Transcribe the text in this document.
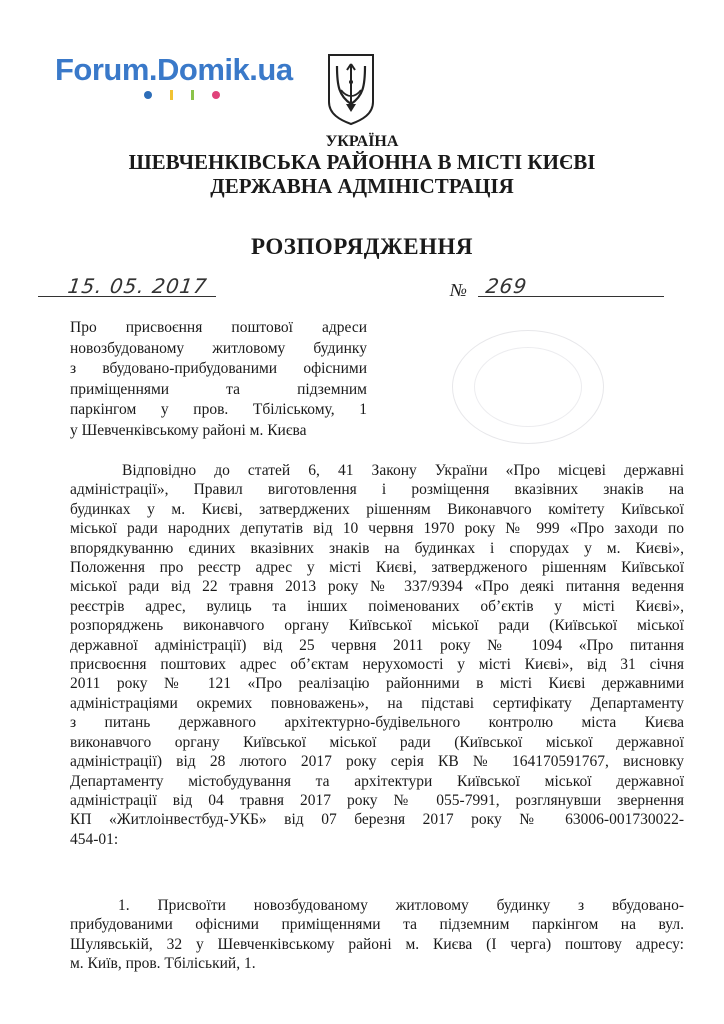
Forum.Domik.ua
УКРАЇНА
ШЕВЧЕНКІВСЬКА РАЙОННА В МІСТІ КИЄВІ
ДЕРЖАВНА АДМІНІСТРАЦІЯ
РОЗПОРЯДЖЕННЯ
15. 05. 2017	№ 269
Про присвоєння поштової адреси
новозбудованому житловому будинку
з вбудовано-прибудованими офісними
приміщеннями та підземним
паркінгом у пров. Тбіліському, 1
у Шевченківському районі м. Києва
Відповідно до статей 6, 41 Закону України «Про місцеві державні
адміністрації», Правил виготовлення і розміщення вказівних знаків на
будинках у м. Києві, затверджених рішенням Виконавчого комітету Київської
міської ради народних депутатів від 10 червня 1970 року № 999 «Про заходи по
впорядкуванню єдиних вказівних знаків на будинках і спорудах у м. Києві»,
Положення про реєстр адрес у місті Києві, затвердженого рішенням Київської
міської ради від 22 травня 2013 року № 337/9394 «Про деякі питання ведення
реєстрів адрес, вулиць та інших поіменованих об’єктів у місті Києві»,
розпоряджень виконавчого органу Київської міської ради (Київської міської
державної адміністрації) від 25 червня 2011 року № 1094 «Про питання
присвоєння поштових адрес об’єктам нерухомості у місті Києві», від 31 січня
2011 року № 121 «Про реалізацію районними в місті Києві державними
адміністраціями окремих повноважень», на підставі сертифікату Департаменту
з питань державного архітектурно-будівельного контролю міста Києва
виконавчого органу Київської міської ради (Київської міської державної
адміністрації) від 28 лютого 2017 року серія КВ № 164170591767, висновку
Департаменту містобудування та архітектури Київської міської державної
адміністрації від 04 травня 2017 року № 055-7991, розглянувши звернення
КП «Житлоінвестбуд-УКБ» від 07 березня 2017 року № 63006-001730022-
454-01:
1. Присвоїти новозбудованому житловому будинку з вбудовано-
прибудованими офісними приміщеннями та підземним паркінгом на вул.
Шулявській, 32 у Шевченківському районі м. Києва (І черга) поштову адресу:
м. Київ, пров. Тбіліський, 1.
